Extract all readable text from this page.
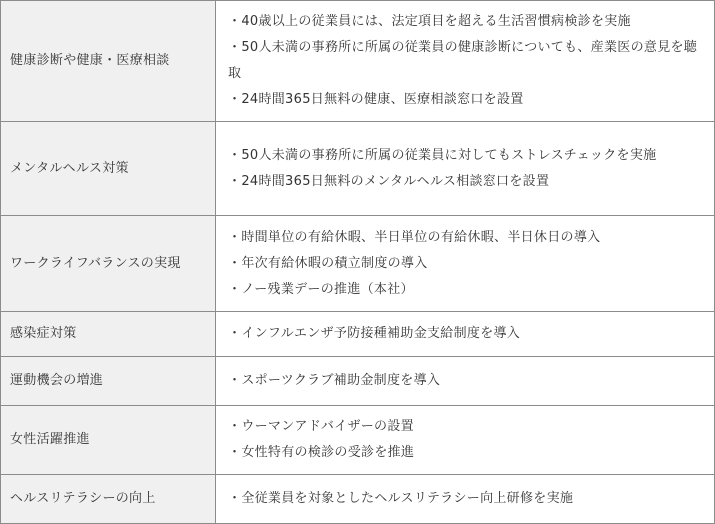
健康診断や健康・医療相談	・40歳以上の従業員には、法定項目を超える生活習慣病検診を実施
・50人未満の事務所に所属の従業員の健康診断についても、産業医の意見を聴取
・24時間365日無料の健康、医療相談窓口を設置

メンタルヘルス対策	・50人未満の事務所に所属の従業員に対してもストレスチェックを実施
・24時間365日無料のメンタルヘルス相談窓口を設置

ワークライフバランスの実現	・時間単位の有給休暇、半日単位の有給休暇、半日休日の導入
・年次有給休暇の積立制度の導入
・ノー残業デーの推進（本社）

感染症対策	・インフルエンザ予防接種補助金支給制度を導入

運動機会の増進	・スポーツクラブ補助金制度を導入

女性活躍推進	・ウーマンアドバイザーの設置
・女性特有の検診の受診を推進

ヘルスリテラシーの向上	・全従業員を対象としたヘルスリテラシー向上研修を実施
